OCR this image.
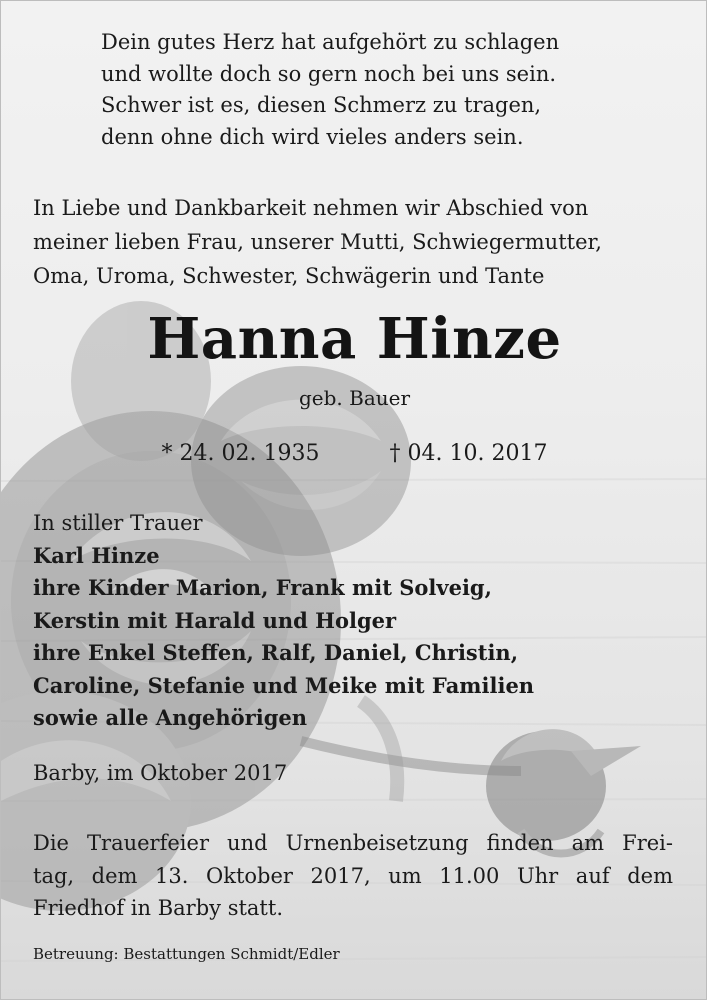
Dein gutes Herz hat aufgehört zu schlagen
und wollte doch so gern noch bei uns sein.
Schwer ist es, diesen Schmerz zu tragen,
denn ohne dich wird vieles anders sein.
In Liebe und Dankbarkeit nehmen wir Abschied von
meiner lieben Frau, unserer Mutti, Schwiegermutter,
Oma, Uroma, Schwester, Schwägerin und Tante
Hanna Hinze
geb. Bauer
* 24. 02. 1935	† 04. 10. 2017
In stiller Trauer
Karl Hinze
ihre Kinder Marion, Frank mit Solveig,
Kerstin mit Harald und Holger
ihre Enkel Steffen, Ralf, Daniel, Christin,
Caroline, Stefanie und Meike mit Familien
sowie alle Angehörigen
Barby, im Oktober 2017
Die Trauerfeier und Urnenbeisetzung finden am Frei-
tag, dem 13. Oktober 2017, um 11.00 Uhr auf dem
Friedhof in Barby statt.
Betreuung: Bestattungen Schmidt/Edler
